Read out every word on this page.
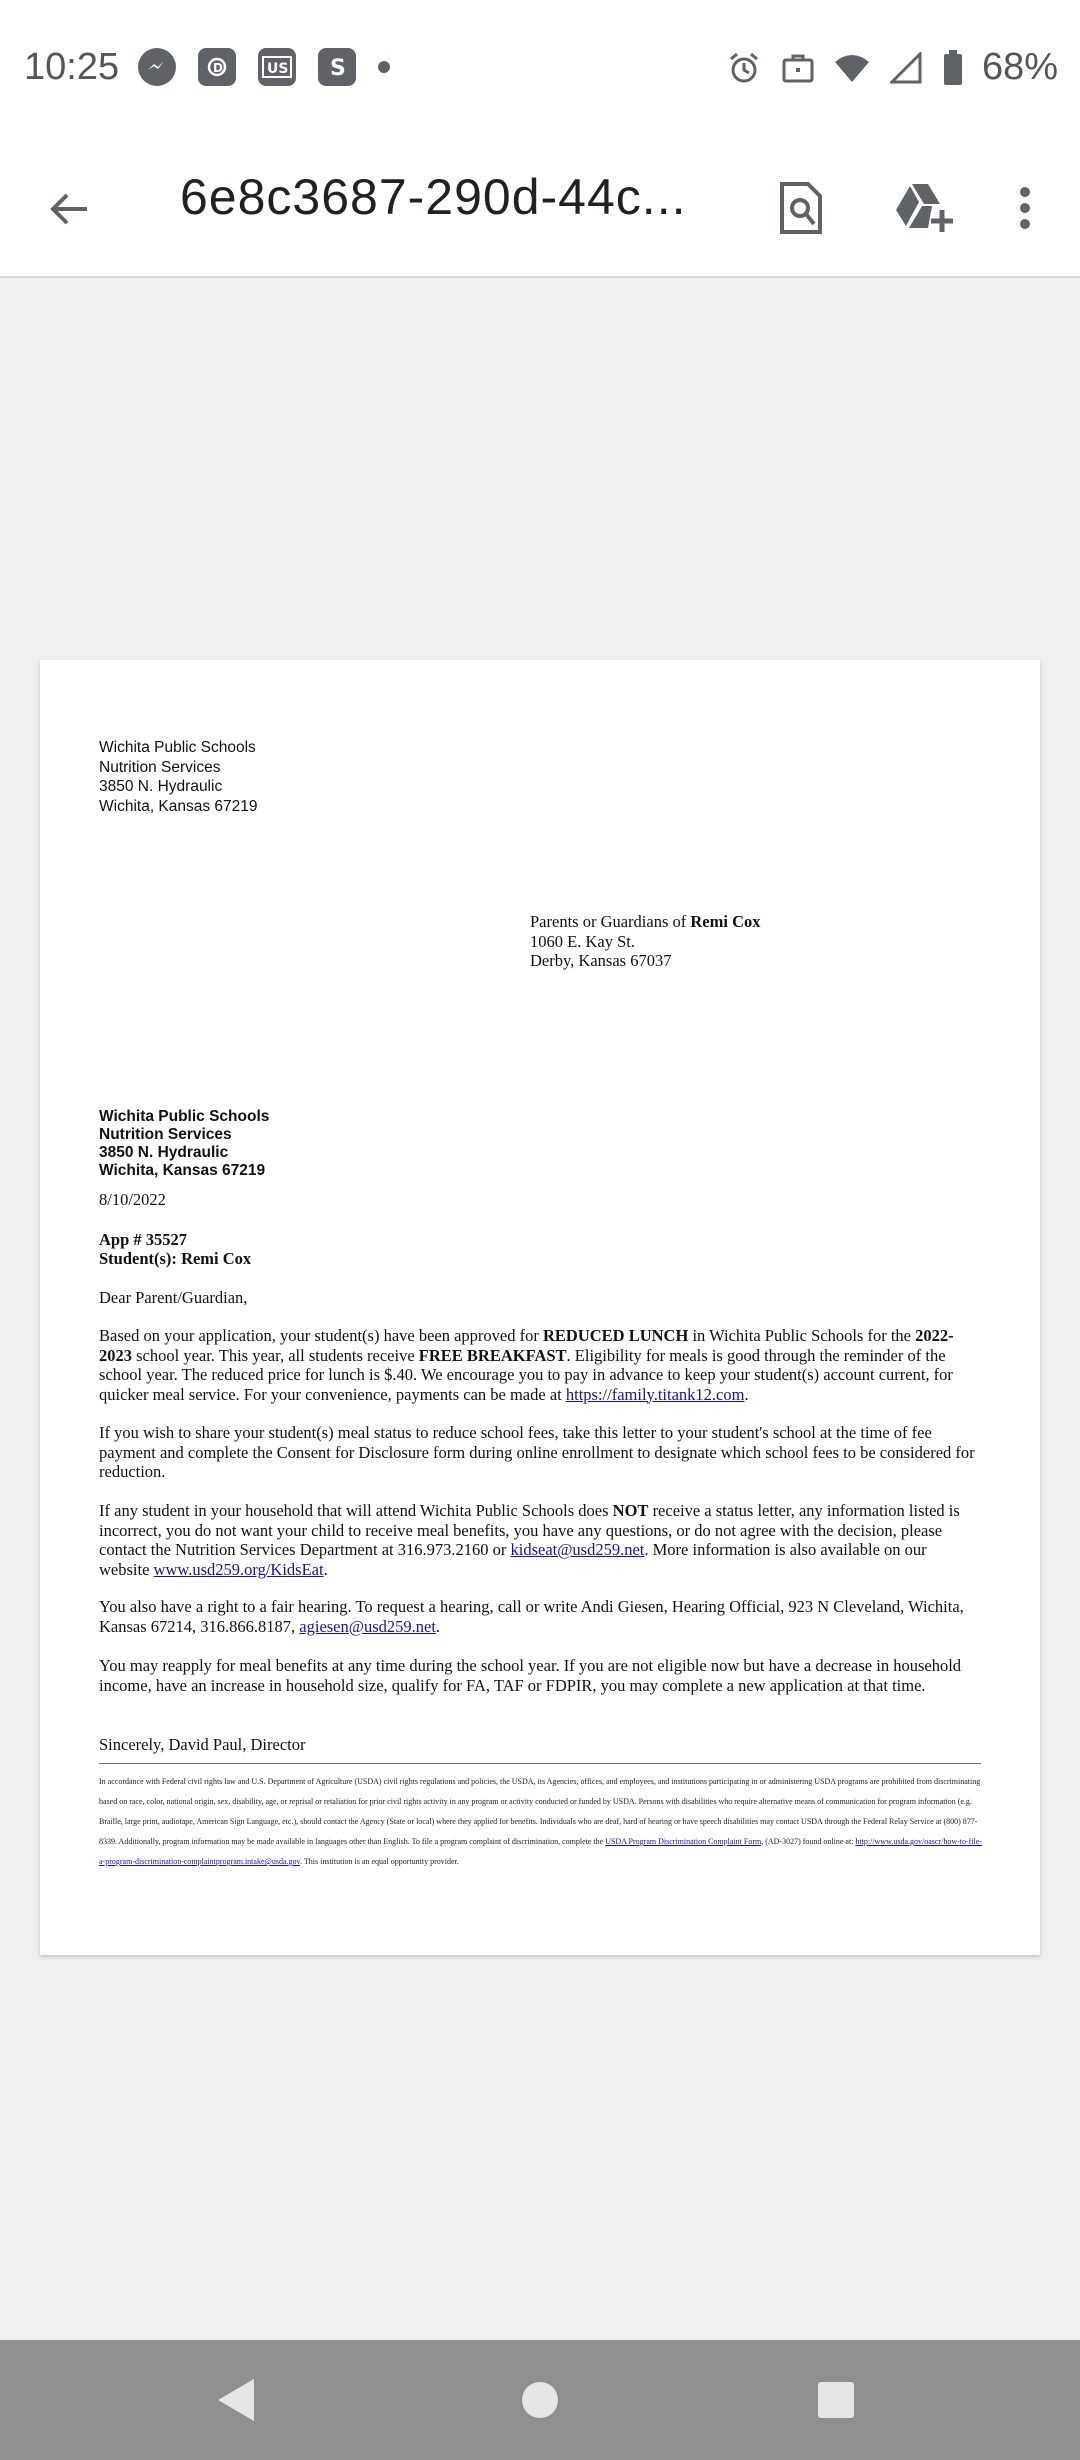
10:25	D	US S	68%
6e8c3687-290d-44c...
Wichita Public Schools
Nutrition Services
3850 N. Hydraulic
Wichita, Kansas 67219
Parents or Guardians of Remi Cox
1060 E. Kay St.
Derby, Kansas 67037
Wichita Public Schools
Nutrition Services
3850 N. Hydraulic
Wichita, Kansas 67219
8/10/2022
App # 35527
Student(s): Remi Cox
Dear Parent/Guardian,
Based on your application, your student(s) have been approved for REDUCED LUNCH in Wichita Public Schools for the 2022-2023 school year. This year, all students receive FREE BREAKFAST. Eligibility for meals is good through the reminder of the school year. The reduced price for lunch is $.40. We encourage you to pay in advance to keep your student(s) account current, for quicker meal service. For your convenience, payments can be made at https://family.titank12.com.
If you wish to share your student(s) meal status to reduce school fees, take this letter to your student's school at the time of fee payment and complete the Consent for Disclosure form during online enrollment to designate which school fees to be considered for reduction.
If any student in your household that will attend Wichita Public Schools does NOT receive a status letter, any information listed is incorrect, you do not want your child to receive meal benefits, you have any questions, or do not agree with the decision, please contact the Nutrition Services Department at 316.973.2160 or kidseat@usd259.net. More information is also available on our website www.usd259.org/KidsEat.
You also have a right to a fair hearing. To request a hearing, call or write Andi Giesen, Hearing Official, 923 N Cleveland, Wichita, Kansas 67214, 316.866.8187, agiesen@usd259.net.
You may reapply for meal benefits at any time during the school year. If you are not eligible now but have a decrease in household income, have an increase in household size, qualify for FA, TAF or FDPIR, you may complete a new application at that time.
Sincerely, David Paul, Director
In accordance with Federal civil rights law and U.S. Department of Agriculture (USDA) civil rights regulations and policies, the USDA, its Agencies, offices, and employees, and institutions participating in or administering USDA programs are prohibited from discriminating based on race, color, national origin, sex, disability, age, or reprisal or retaliation for prior civil rights activity in any program or activity conducted or funded by USDA. Persons with disabilities who require alternative means of communication for program information (e.g. Braille, large print, audiotape, American Sign Language, etc.), should contact the Agency (State or local) where they applied for benefits. Individuals who are deaf, hard of hearing or have speech disabilities may contact USDA through the Federal Relay Service at (800) 877-8339. Additionally, program information may be made available in languages other than English. To file a program complaint of discrimination, complete the USDA Program Discrimination Complaint Form, (AD-3027) found online at: http://www.usda.gov/oascr/how-to-file-a-program-discrimination-complaintprogram.intake@usda.gov. This institution is an equal opportunity provider.
